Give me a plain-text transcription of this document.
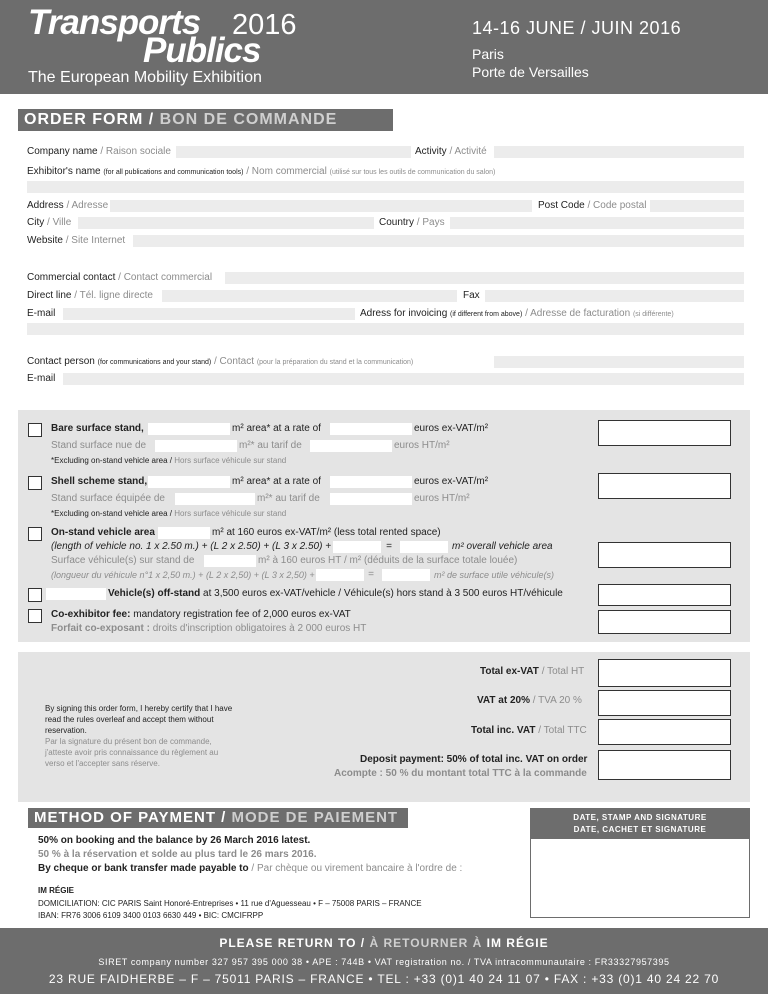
Transports 2016
Publics
The European Mobility Exhibition
14-16 JUNE / JUIN 2016
Paris
Porte de Versailles
ORDER FORM / BON DE COMMANDE
Company name / Raison sociale	Activity / Activité
Exhibitor's name (for all publications and communication tools) / Nom commercial (utilisé sur tous les outils de communication du salon)
Address / Adresse	Post Code / Code postal
City / Ville	Country / Pays
Website / Site Internet
Commercial contact / Contact commercial
Direct line / Tél. ligne directe	Fax
E-mail	Adress for invoicing (if different from above) / Adresse de facturation (si différente)
Contact person (for communications and your stand) / Contact (pour la préparation du stand et la communication)
E-mail
Bare surface stand,	m² area* at a rate of	euros ex-VAT/m²
Stand surface nue de	m²* au tarif de	euros HT/m²
*Excluding on-stand vehicle area / Hors surface véhicule sur stand
Shell scheme stand,	m² area* at a rate of	euros ex-VAT/m²
Stand surface équipée de	m²* au tarif de	euros HT/m²
*Excluding on-stand vehicle area / Hors surface véhicule sur stand
On-stand vehicle area	m² at 160 euros ex-VAT/m² (less total rented space)
(length of vehicle no. 1 x 2.50 m.) + (L 2 x 2.50) + (L 3 x 2.50) +	=	m² overall vehicle area
Surface véhicule(s) sur stand de	m² à 160 euros HT / m² (déduits de la surface totale louée)
(longueur du véhicule n°1 x 2,50 m.) + (L 2 x 2,50) + (L 3 x 2,50) +	=	m² de surface utile véhicule(s)
Vehicle(s) off-stand at 3,500 euros ex-VAT/vehicle / Véhicule(s) hors stand à 3 500 euros HT/véhicule
Co-exhibitor fee: mandatory registration fee of 2,000 euros ex-VAT
Forfait co-exposant : droits d'inscription obligatoires à 2 000 euros HT
Total ex-VAT / Total HT
VAT at 20% / TVA 20 %
Total inc. VAT / Total TTC
Deposit payment: 50% of total inc. VAT on order
Acompte : 50 % du montant total TTC à la commande
By signing this order form, I hereby certify that I have
read the rules overleaf and accept them without
reservation.
Par la signature du présent bon de commande,
j'atteste avoir pris connaissance du règlement au
verso et l'accepter sans réserve.
METHOD OF PAYMENT / MODE DE PAIEMENT
50% on booking and the balance by 26 March 2016 latest.
50 % à la réservation et solde au plus tard le 26 mars 2016.
By cheque or bank transfer made payable to / Par chèque ou virement bancaire à l'ordre de :
IM RÉGIE
DOMICILIATION: CIC PARIS Saint Honoré-Entreprises • 11 rue d'Aguesseau • F – 75008 PARIS – FRANCE
IBAN: FR76 3006 6109 3400 0103 6630 449 • BIC: CMCIFRPP
DATE, STAMP AND SIGNATURE
DATE, CACHET ET SIGNATURE
PLEASE RETURN TO / À RETOURNER À IM RÉGIE
SIRET company number 327 957 395 000 38 • APE : 744B • VAT registration no. / TVA intracommunautaire : FR33327957395
23 RUE FAIDHERBE – F – 75011 PARIS – FRANCE • TEL : +33 (0)1 40 24 11 07 • FAX : +33 (0)1 40 24 22 70
